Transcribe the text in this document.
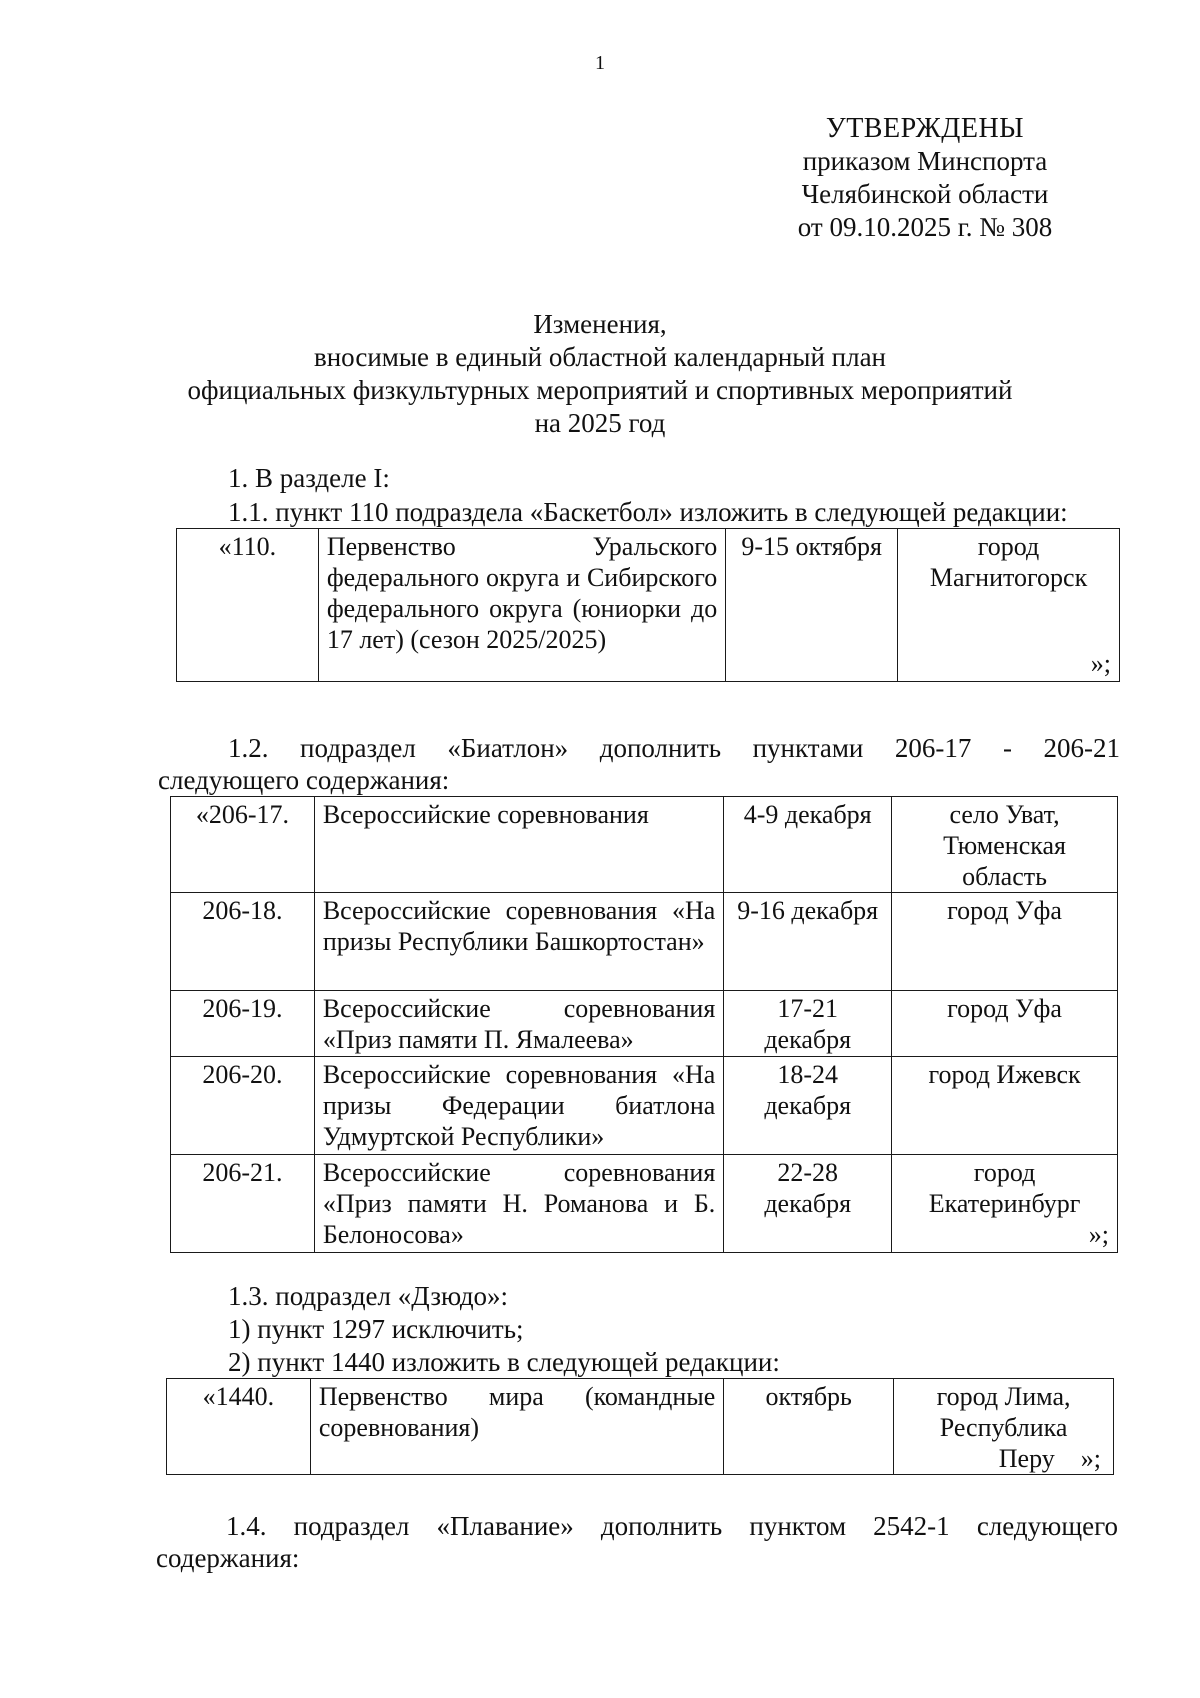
1
УТВЕРЖДЕНЫ
приказом Минспорта
Челябинской области
от 09.10.2025 г. № 308
Изменения,
вносимые в единый областной календарный план
официальных физкультурных мероприятий и спортивных мероприятий
на 2025 год
1. В разделе I:
1.1. пункт 110 подраздела «Баскетбол» изложить в следующей редакции:
«110.	Первенство Уральского федерального округа и Сибирского федерального округа (юниорки до 17 лет) (сезон 2025/2025)	9-15 октября	город Магнитогорск
»;
1.2. подраздел «Биатлон» дополнить пунктами 206-17 - 206-21
следующего содержания:
«206-17.	Всероссийские соревнования	4-9 декабря	село Уват, Тюменская область
206-18.	Всероссийские соревнования «На призы Республики Башкортостан»	9-16 декабря	город Уфа
206-19.	Всероссийские соревнования «Приз памяти П. Ямалеева»	17-21 декабря	город Уфа
206-20.	Всероссийские соревнования «На призы Федерации биатлона Удмуртской Республики»	18-24 декабря	город Ижевск
206-21.	Всероссийские соревнования «Приз памяти Н. Романова и Б. Белоносова»	22-28 декабря	город Екатеринбург
»;
1.3. подраздел «Дзюдо»:
1) пункт 1297 исключить;
2) пункт 1440 изложить в следующей редакции:
«1440.	Первенство мира (командные соревнования)	октябрь	город Лима, Республика
Перу »;
1.4. подраздел «Плавание» дополнить пунктом 2542-1 следующего
содержания:
